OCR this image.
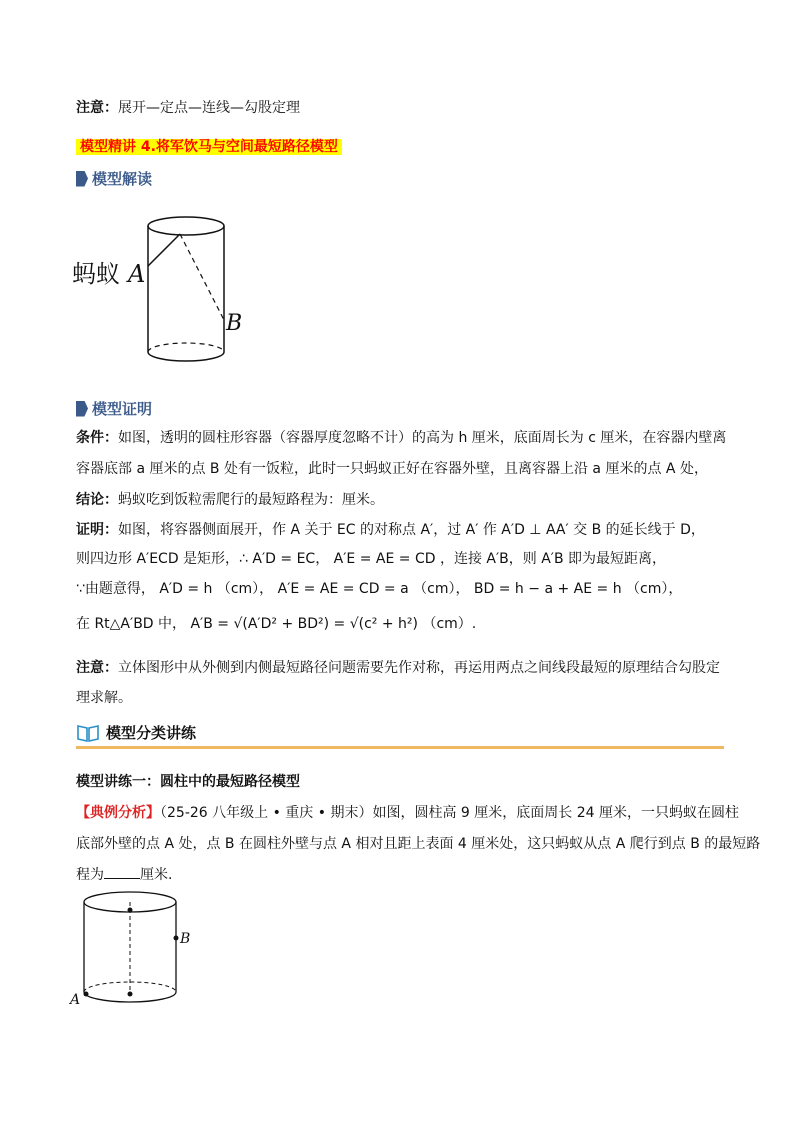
注意：展开—定点—连线—勾股定理
模型精讲 4.将军饮马与空间最短路径模型
模型解读
蚂蚁 A
B
模型证明
条件：如图，透明的圆柱形容器（容器厚度忽略不计）的高为 h 厘米，底面周长为 c 厘米，在容器内壁离
容器底部 a 厘米的点 B 处有一饭粒，此时一只蚂蚁正好在容器外壁，且离容器上沿 a 厘米的点 A 处，
结论：蚂蚁吃到饭粒需爬行的最短路程为：厘米。
证明：如图，将容器侧面展开，作 A 关于 EC 的对称点 A′，过 A′ 作 A′D ⊥ AA′ 交 B 的延长线于 D，
则四边形 A′ECD 是矩形，∴ A′D = EC， A′E = AE = CD ，连接 A′B，则 A′B 即为最短距离，
∵由题意得， A′D = h （cm）， A′E = AE = CD = a （cm）， BD = h − a + AE = h （cm），
在 Rt△A′BD 中， A′B = √(A′D² + BD²) = √(c² + h²) （cm）.
注意：立体图形中从外侧到内侧最短路径问题需要先作对称，再运用两点之间线段最短的原理结合勾股定
理求解。
模型分类讲练
模型讲练一：圆柱中的最短路径模型
【典例分析】（25-26 八年级上 • 重庆 • 期末）如图，圆柱高 9 厘米，底面周长 24 厘米，一只蚂蚁在圆柱
底部外壁的点 A 处，点 B 在圆柱外壁与点 A 相对且距上表面 4 厘米处，这只蚂蚁从点 A 爬行到点 B 的最短路
程为	厘米.
B
A
